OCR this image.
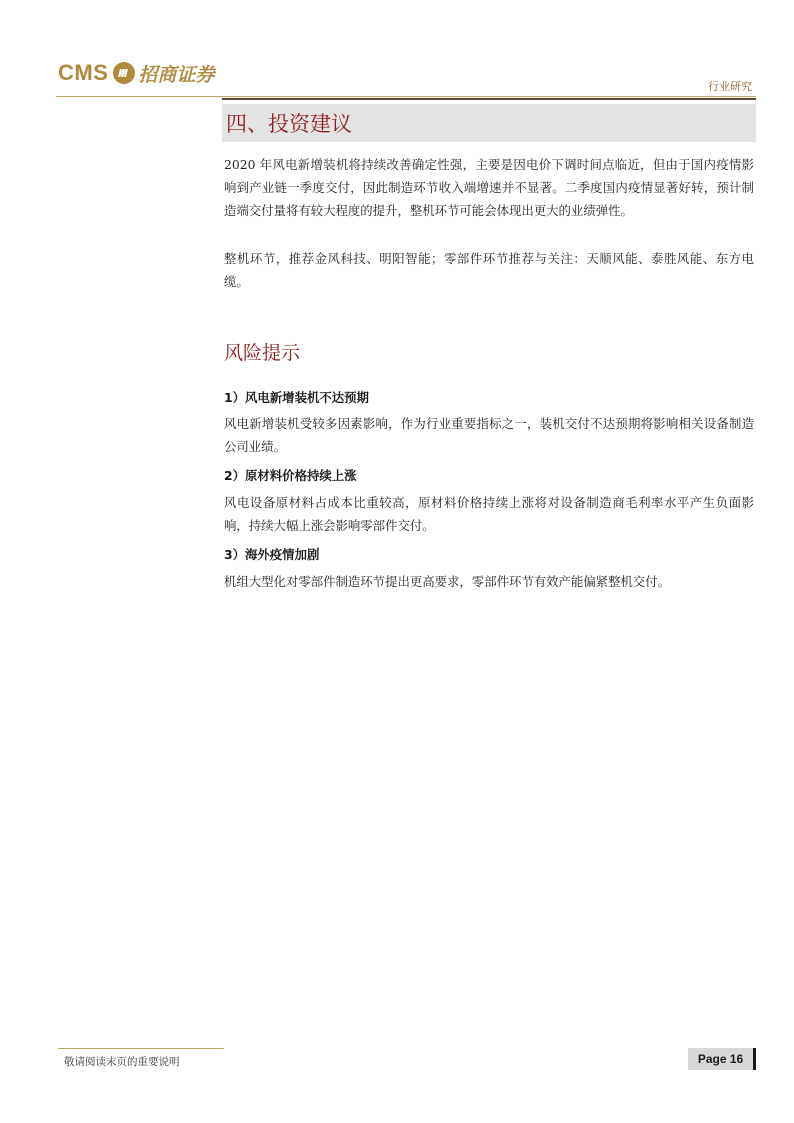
CMS 招商证券
行业研究
四、投资建议

2020 年风电新增装机将持续改善确定性强，主要是因电价下调时间点临近，但由于国内疫情影响到产业链一季度交付，因此制造环节收入端增速并不显著。二季度国内疫情显著好转，预计制造端交付量将有较大程度的提升，整机环节可能会体现出更大的业绩弹性。

整机环节，推荐金风科技、明阳智能；零部件环节推荐与关注：天顺风能、泰胜风能、东方电缆。

风险提示
1）风电新增装机不达预期

风电新增装机受较多因素影响，作为行业重要指标之一，装机交付不达预期将影响相关设备制造公司业绩。

2）原材料价格持续上涨

风电设备原材料占成本比重较高，原材料价格持续上涨将对设备制造商毛利率水平产生负面影响，持续大幅上涨会影响零部件交付。

3）海外疫情加剧

机组大型化对零部件制造环节提出更高要求，零部件环节有效产能偏紧整机交付。

敬请阅读末页的重要说明	Page 16
